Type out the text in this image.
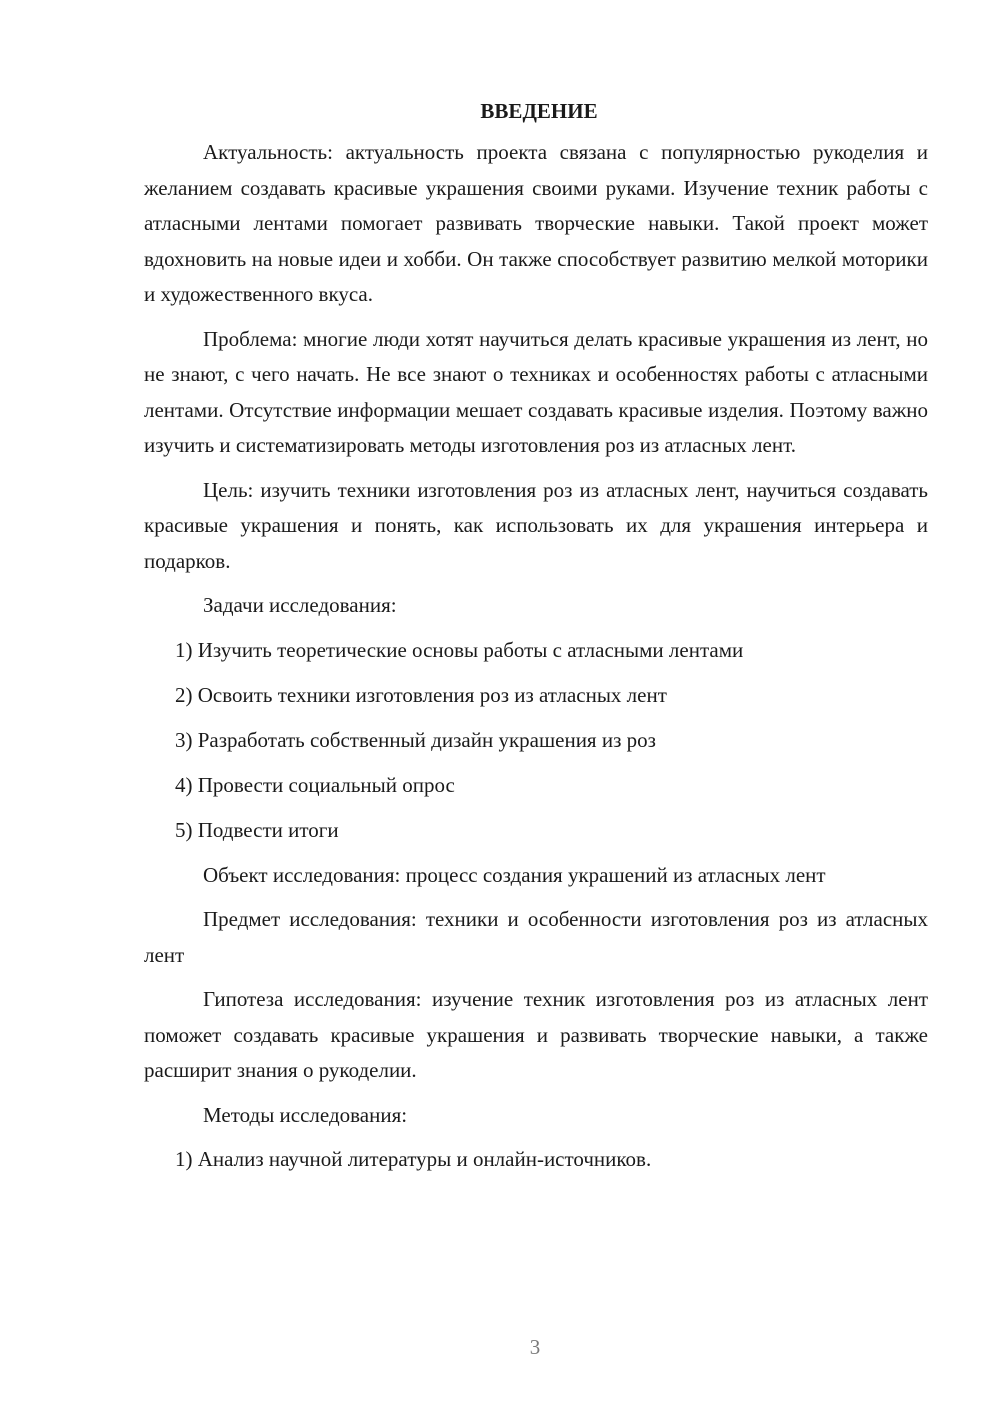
ВВЕДЕНИЕ

Актуальность: актуальность проекта связана с популярностью рукоделия и желанием создавать красивые украшения своими руками. Изучение техник работы с атласными лентами помогает развивать творческие навыки. Такой проект может вдохновить на новые идеи и хобби. Он также способствует развитию мелкой моторики и художественного вкуса.

Проблема: многие люди хотят научиться делать красивые украшения из лент, но не знают, с чего начать. Не все знают о техниках и особенностях работы с атласными лентами. Отсутствие информации мешает создавать красивые изделия. Поэтому важно изучить и систематизировать методы изготовления роз из атласных лент.

Цель: изучить техники изготовления роз из атласных лент, научиться создавать красивые украшения и понять, как использовать их для украшения интерьера и подарков.

Задачи исследования:
1) Изучить теоретические основы работы с атласными лентами
2) Освоить техники изготовления роз из атласных лент
3) Разработать собственный дизайн украшения из роз
4) Провести социальный опрос
5) Подвести итоги

Объект исследования: процесс создания украшений из атласных лент

Предмет исследования: техники и особенности изготовления роз из атласных лент

Гипотеза исследования: изучение техник изготовления роз из атласных лент поможет создавать красивые украшения и развивать творческие навыки, а также расширит знания о рукоделии.

Методы исследования:
1) Анализ научной литературы и онлайн-источников.
3
